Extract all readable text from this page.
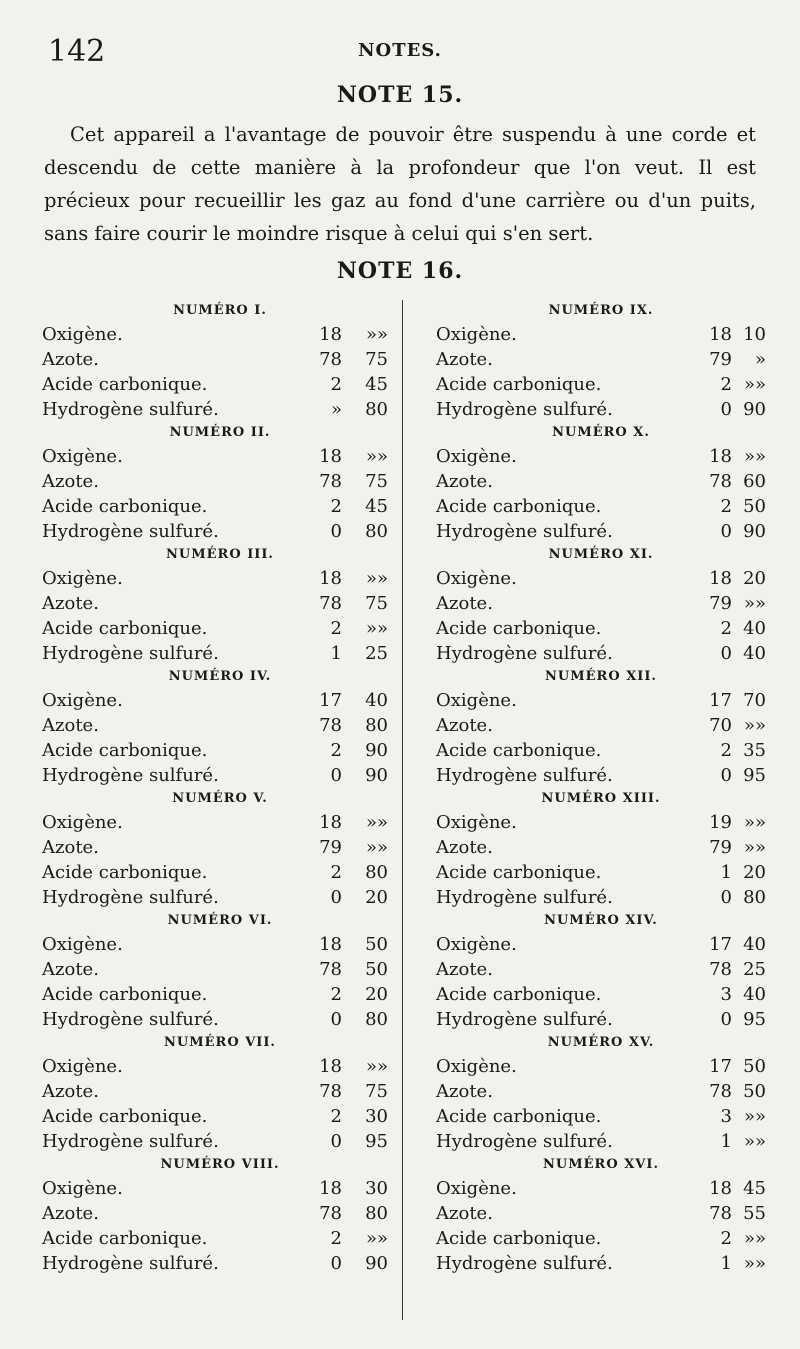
142	NOTES.
NOTE 15.

Cet appareil a l'avantage de pouvoir être suspendu à une corde et descendu de cette manière à la profondeur que l'on veut. Il est précieux pour recueillir les gaz au fond d'une carrière ou d'un puits, sans faire courir le moindre risque à celui qui s'en sert.

NOTE 16.
NUMÉRO I.
Oxigène.	18	»»
Azote.	78	75
Acide carbonique.	2	45
Hydrogène sulfuré.	»	80
NUMÉRO II.
Oxigène.	18	»»
Azote.	78	75
Acide carbonique.	2	45
Hydrogène sulfuré.	0	80
NUMÉRO III.
Oxigène.	18	»»
Azote.	78	75
Acide carbonique.	2	»»
Hydrogène sulfuré.	1	25
NUMÉRO IV.
Oxigène.	17	40
Azote.	78	80
Acide carbonique.	2	90
Hydrogène sulfuré.	0	90
NUMÉRO V.
Oxigène.	18	»»
Azote.	79	»»
Acide carbonique.	2	80
Hydrogène sulfuré.	0	20
NUMÉRO VI.
Oxigène.	18	50
Azote.	78	50
Acide carbonique.	2	20
Hydrogène sulfuré.	0	80
NUMÉRO VII.
Oxigène.	18	»»
Azote.	78	75
Acide carbonique.	2	30
Hydrogène sulfuré.	0	95
NUMÉRO VIII.
Oxigène.	18	30
Azote.	78	80
Acide carbonique.	2	»»
Hydrogène sulfuré.	0	90
NUMÉRO IX.
Oxigène.	18 10
Azote.	79	»
Acide carbonique.	2 »»
Hydrogène sulfuré.	0 90
NUMÉRO X.
Oxigène.	18 »»
Azote.	78 60
Acide carbonique.	2 50
Hydrogène sulfuré.	0 90
NUMÉRO XI.
Oxigène.	18 20
Azote.	79 »»
Acide carbonique.	2 40
Hydrogène sulfuré.	0 40
NUMÉRO XII.
Oxigène.	17 70
Azote.	70 »»
Acide carbonique.	2 35
Hydrogène sulfuré.	0 95
NUMÉRO XIII.
Oxigène.	19 »»
Azote.	79 »»
Acide carbonique.	1 20
Hydrogène sulfuré.	0 80
NUMÉRO XIV.
Oxigène.	17 40
Azote.	78 25
Acide carbonique.	3 40
Hydrogène sulfuré.	0 95
NUMÉRO XV.
Oxigène.	17 50
Azote.	78 50
Acide carbonique.	3 »»
Hydrogène sulfuré.	1 »»
NUMÉRO XVI.
Oxigène.	18 45
Azote.	78 55
Acide carbonique.	2 »»
Hydrogène sulfuré.	1 »»
